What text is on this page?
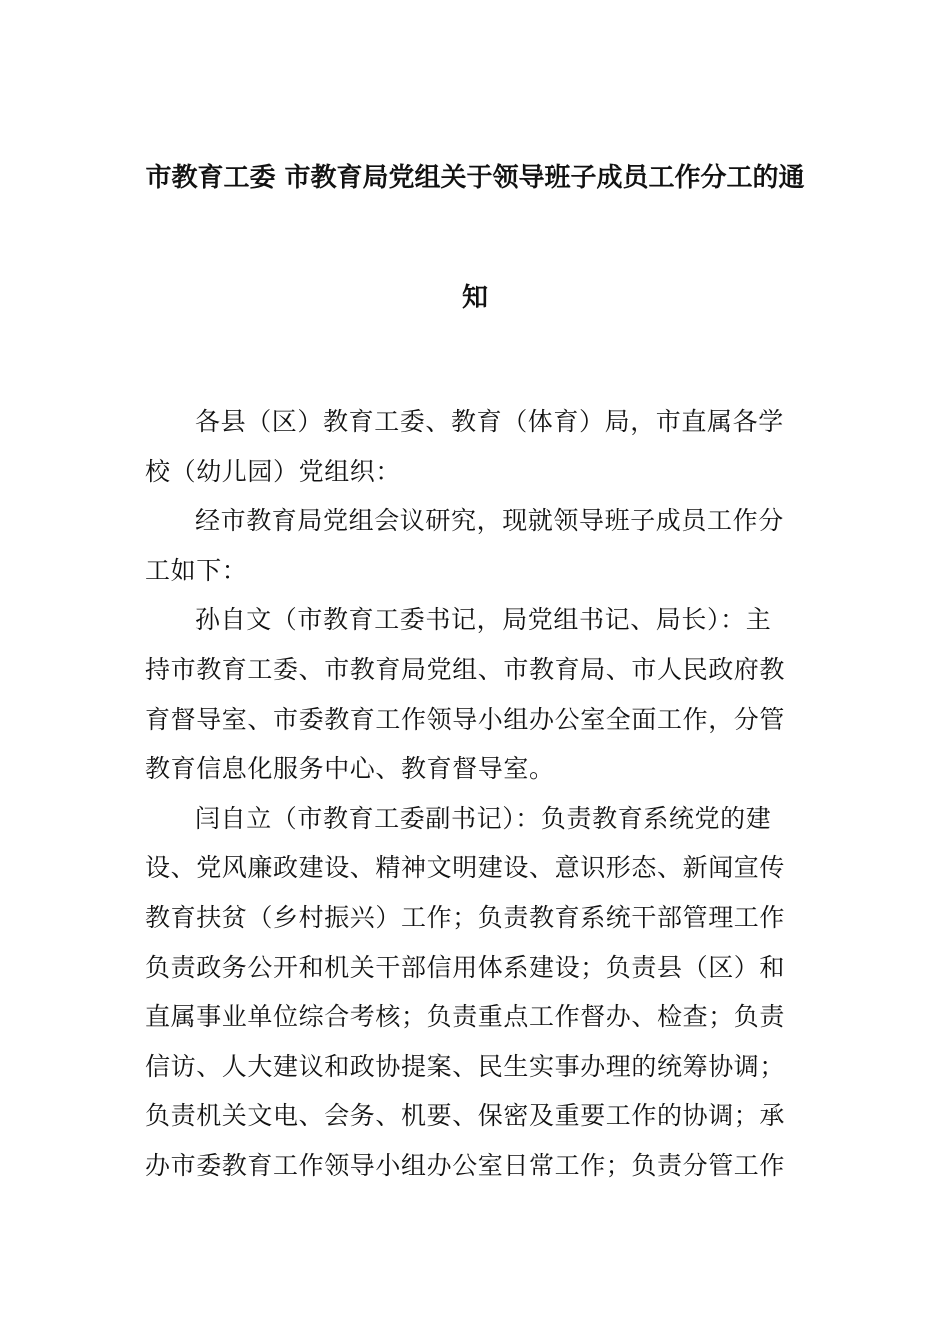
市教育工委 市教育局党组关于领导班子成员工作分工的通
知
各县（区）教育工委、教育（体育）局，市直属各学
校（幼儿园）党组织：
经市教育局党组会议研究，现就领导班子成员工作分
工如下：
孙自文（市教育工委书记，局党组书记、局长）：主
持市教育工委、市教育局党组、市教育局、市人民政府教
育督导室、市委教育工作领导小组办公室全面工作，分管
教育信息化服务中心、教育督导室。
闫自立（市教育工委副书记）：负责教育系统党的建
设、党风廉政建设、精神文明建设、意识形态、新闻宣传
教育扶贫（乡村振兴）工作；负责教育系统干部管理工作
负责政务公开和机关干部信用体系建设；负责县（区）和
直属事业单位综合考核；负责重点工作督办、检查；负责
信访、人大建议和政协提案、民生实事办理的统筹协调；
负责机关文电、会务、机要、保密及重要工作的协调；承
办市委教育工作领导小组办公室日常工作；负责分管工作
